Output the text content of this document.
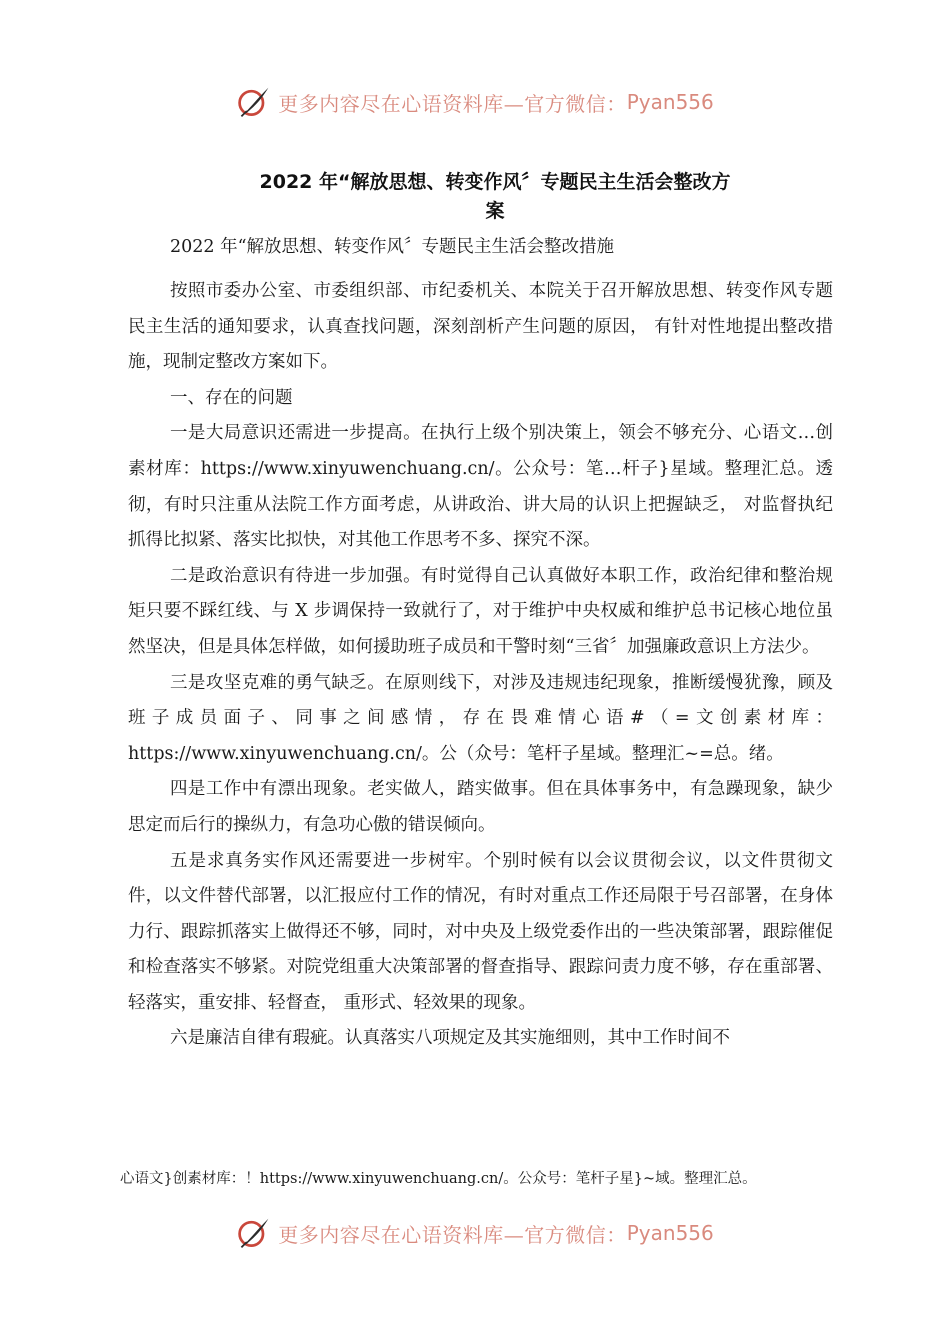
更多内容尽在心语资料库—官方微信： Pyan556
2022 年“解放思想、转变作风〞专题民主生活会整改方
案
2022 年“解放思想、转变作风〞专题民主生活会整改措施

按照市委办公室、市委组织部、市纪委机关、本院关于召开解放思想、转变作风专题民主生活的通知要求，认真查找问题，深刻剖析产生问题的原因， 有针对性地提出整改措施，现制定整改方案如下。

一、存在的问题

一是大局意识还需进一步提高。在执行上级个别决策上，领会不够充分、心语文…创素材库：https://www.xinyuwenchuang.cn/。公众号：笔…杆子}星域。整理汇总。透彻，有时只注重从法院工作方面考虑，从讲政治、讲大局的认识上把握缺乏， 对监督执纪抓得比拟紧、落实比拟快，对其他工作思考不多、探究不深。

二是政治意识有待进一步加强。有时觉得自己认真做好本职工作，政治纪律和整治规矩只要不踩红线、与 X 步调保持一致就行了，对于维护中央权威和维护总书记核心地位虽然坚决，但是具体怎样做，如何援助班子成员和干警时刻“三省〞加强廉政意识上方法少。

三是攻坚克难的勇气缺乏。在原则线下，对涉及违规违纪现象，推断缓慢犹豫，顾及班子成员面子、同事之间感情，存在畏难情心语#（=文创素材库：https://www.xinyuwenchuang.cn/。公（众号：笔杆子星域。整理汇~=总。绪。

四是工作中有漂出现象。老实做人，踏实做事。但在具体事务中，有急躁现象，缺少思定而后行的操纵力，有急功心傲的错误倾向。

五是求真务实作风还需要进一步树牢。个别时候有以会议贯彻会议，以文件贯彻文件，以文件替代部署，以汇报应付工作的情况，有时对重点工作还局限于号召部署，在身体力行、跟踪抓落实上做得还不够，同时，对中央及上级党委作出的一些决策部署，跟踪催促和检查落实不够紧。对院党组重大决策部署的督查指导、跟踪问责力度不够，存在重部署、轻落实，重安排、轻督查， 重形式、轻效果的现象。

六是廉洁自律有瑕疵。认真落实八项规定及其实施细则，其中工作时间不

心语文}创素材库：！https://www.xinyuwenchuang.cn/。公众号：笔杆子星}~域。整理汇总。
更多内容尽在心语资料库—官方微信： Pyan556
